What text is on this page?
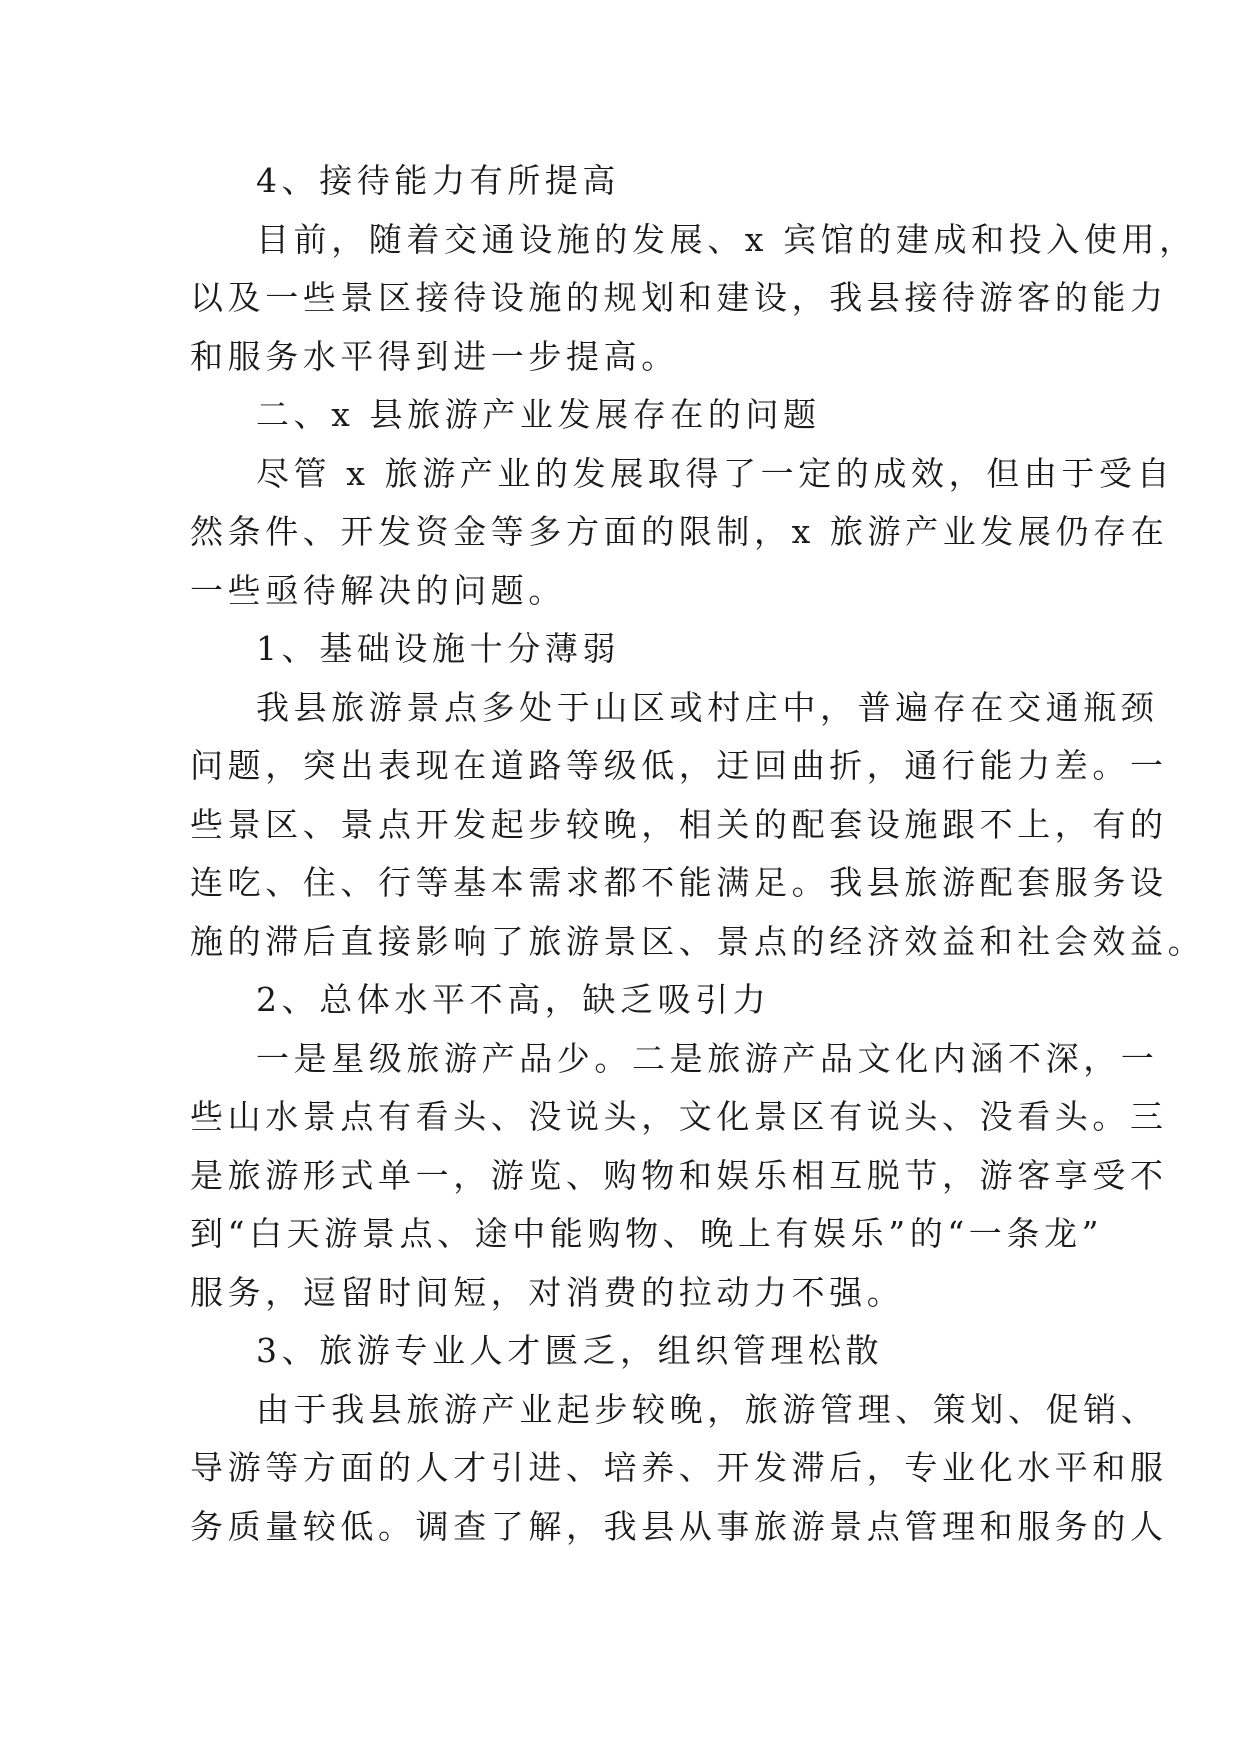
4、接待能力有所提高
目前，随着交通设施的发展、x 宾馆的建成和投入使用，
以及一些景区接待设施的规划和建设，我县接待游客的能力
和服务水平得到进一步提高。
二、x 县旅游产业发展存在的问题
尽管 x 旅游产业的发展取得了一定的成效，但由于受自
然条件、开发资金等多方面的限制，x 旅游产业发展仍存在
一些亟待解决的问题。
1、基础设施十分薄弱
我县旅游景点多处于山区或村庄中，普遍存在交通瓶颈
问题，突出表现在道路等级低，迂回曲折，通行能力差。一
些景区、景点开发起步较晚，相关的配套设施跟不上，有的
连吃、住、行等基本需求都不能满足。我县旅游配套服务设
施的滞后直接影响了旅游景区、景点的经济效益和社会效益。
2、总体水平不高，缺乏吸引力
一是星级旅游产品少。二是旅游产品文化内涵不深，一
些山水景点有看头、没说头，文化景区有说头、没看头。三
是旅游形式单一，游览、购物和娱乐相互脱节，游客享受不
到“白天游景点、途中能购物、晚上有娱乐”的“一条龙”
服务，逗留时间短，对消费的拉动力不强。
3、旅游专业人才匮乏，组织管理松散
由于我县旅游产业起步较晚，旅游管理、策划、促销、
导游等方面的人才引进、培养、开发滞后，专业化水平和服
务质量较低。调查了解，我县从事旅游景点管理和服务的人
